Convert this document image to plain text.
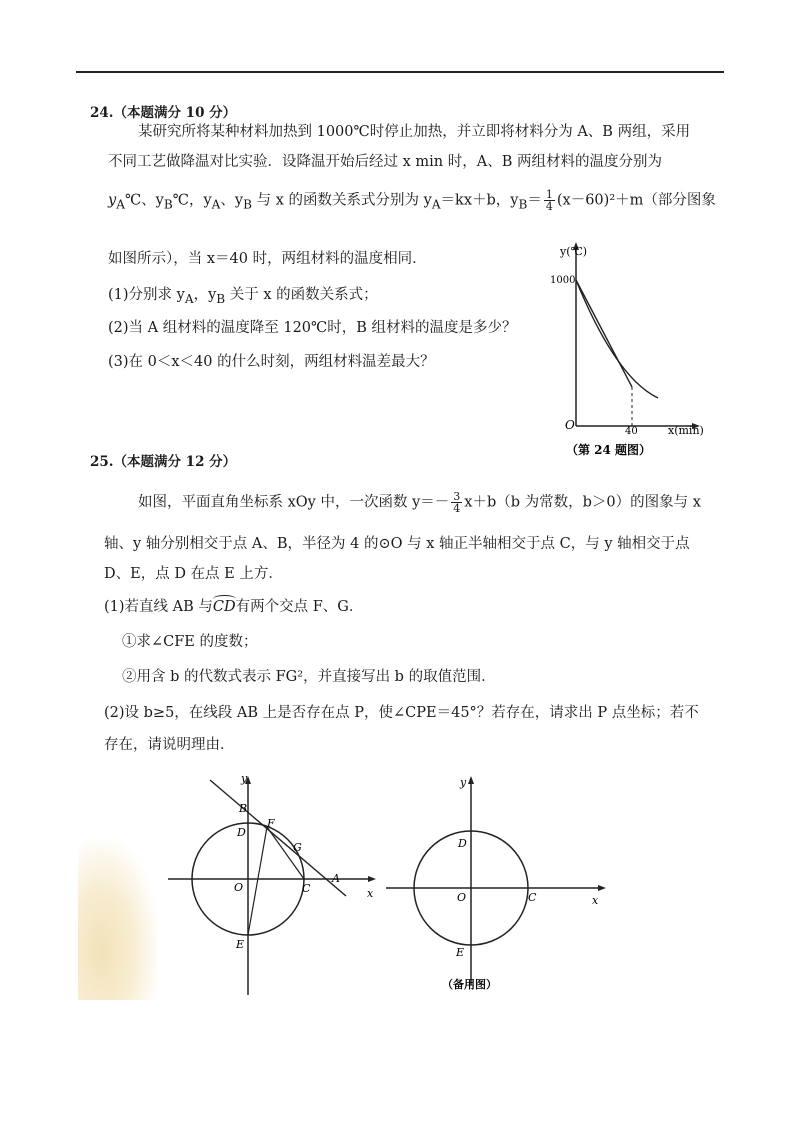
24.（本题满分 10 分）
某研究所将某种材料加热到 1000℃时停止加热，并立即将材料分为 A、B 两组，采用
不同工艺做降温对比实验．设降温开始后经过 x min 时，A、B 两组材料的温度分别为
$y_A℃$、$y_B℃$，$y_A$、$y_B$ 与 x 的函数关系式分别为 $y_A=kx+b$，$y_B= \frac{1}{4} (x-60)^2+m$（部分图象
如图所示），当 x＝40 时，两组材料的温度相同．
(1)分别求 $y_A$，$y_B$ 关于 x 的函数关系式；
(2)当 A 组材料的温度降至 120℃时，B 组材料的温度是多少？
(3)在 0＜x＜40 的什么时刻，两组材料温差最大？
y(℃)
1000
O	40	x(min)
（第 24 题图）
25.（本题满分 12 分）
如图，平面直角坐标系 xOy 中，一次函数 $y=- \frac{3}{4} x+b(b$ 为常数，b＞0）的图象与 x
轴、y 轴分别相交于点 A、B，半径为 4 的⊙O 与 x 轴正半轴相交于点 C，与 y 轴相交于点
D、E，点 D 在点 E 上方．
(1)若直线 AB 与
CD有两个交点 F、G．
①求∠CFE 的度数；
②用含 b 的代数式表示 FG²，并直接写出 b 的取值范围．
(2)设 b≥5，在线段 AB 上是否存在点 P，使∠CPE＝45°？若存在，请求出 P 点坐标；若不
存在，请说明理由．
y
B
F
D
G
A
O	C	x
E
y
D
O	C	x
E
（备用图）
